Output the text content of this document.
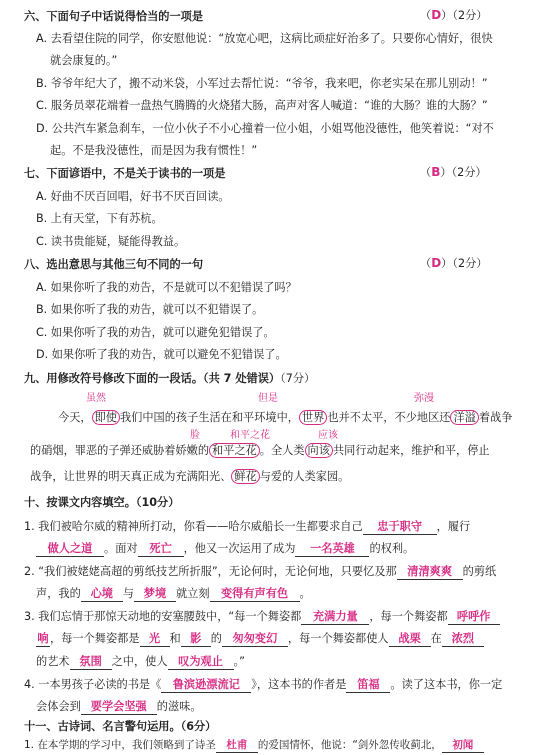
六、下面句子中话说得恰当的一项是	（D）（2分）
A. 去看望住院的同学，你安慰他说：“放宽心吧，这病比顽症好治多了。只要你心情好，很快
就会康复的。”
B. 爷爷年纪大了，搬不动米袋，小军过去帮忙说：“爷爷，我来吧，你老实呆在那儿别动！”
C. 服务员翠花端着一盘热气腾腾的火烧猪大肠，高声对客人喊道：“谁的大肠？谁的大肠？”
D. 公共汽车紧急刹车，一位小伙子不小心撞着一位小姐，小姐骂他没德性，他笑着说：“对不
起。不是我没德性，而是因为我有惯性！”
七、下面谚语中，不是关于读书的一项是	（B）（2分）
A. 好曲不厌百回唱，好书不厌百回读。
B. 上有天堂，下有苏杭。
C. 读书贵能疑，疑能得教益。
八、选出意思与其他三句不同的一句	（D）（2分）
A. 如果你听了我的劝告，不是就可以不犯错误了吗？
B. 如果你听了我的劝告，就可以不犯错误了。
C. 如果你听了我的劝告，就可以避免犯错误了。
D. 如果你听了我的劝告，就可以避免不犯错误了。
九、用修改符号修改下面的一段话。（共 7 处错误）（7分）
虽然	但是	弥漫
今天， 即使 我们中国的孩子生活在和平环境中， 世界 也并不太平，不少地区还 洋溢 着战争
脸	和平之花	应该
的硝烟，罪恶的子弹还威胁着娇嫩的 和平之花 。全人类 向该 共同行动起来，维护和平，停止
战争，让世界的明天真正成为充满阳光、 鲜花 与爱的人类家园。
十、按课文内容填空。（10分）
1. 我们被哈尔威的精神所打动，你看——哈尔威船长一生都要求自己 忠于职守 ，履行
做人之道 。面对 死亡 ，他又一次运用了成为 一名英雄 的权利。
2. “我们被姥姥高超的剪纸技艺所折服”，无论何时，无论何地，只要忆及那 清清爽爽 的剪纸
声，我的 心境 与 梦境 就立刻 变得有声有色 。
3. 我们忘情于那惊天动地的安塞腰鼓中，“每一个舞姿都 充满力量 ，每一个舞姿都 呼呼作
响，每一个舞姿都是 光 和 影 的 匆匆变幻 ，每一个舞姿都使人 战栗 在 浓烈
的艺术 氛围 之中，使人 叹为观止 。”
4. 一本男孩子必读的书是《 鲁滨逊漂流记 》，这本书的作者是 笛福 。读了这本书，你一定
会体会到 要学会坚强 的滋味。
十一、古诗词、名言警句运用。（6分）
1. 在本学期的学习中，我们领略到了诗圣 杜甫 的爱国情怀，他说：“剑外忽传收蓟北， 初闻
